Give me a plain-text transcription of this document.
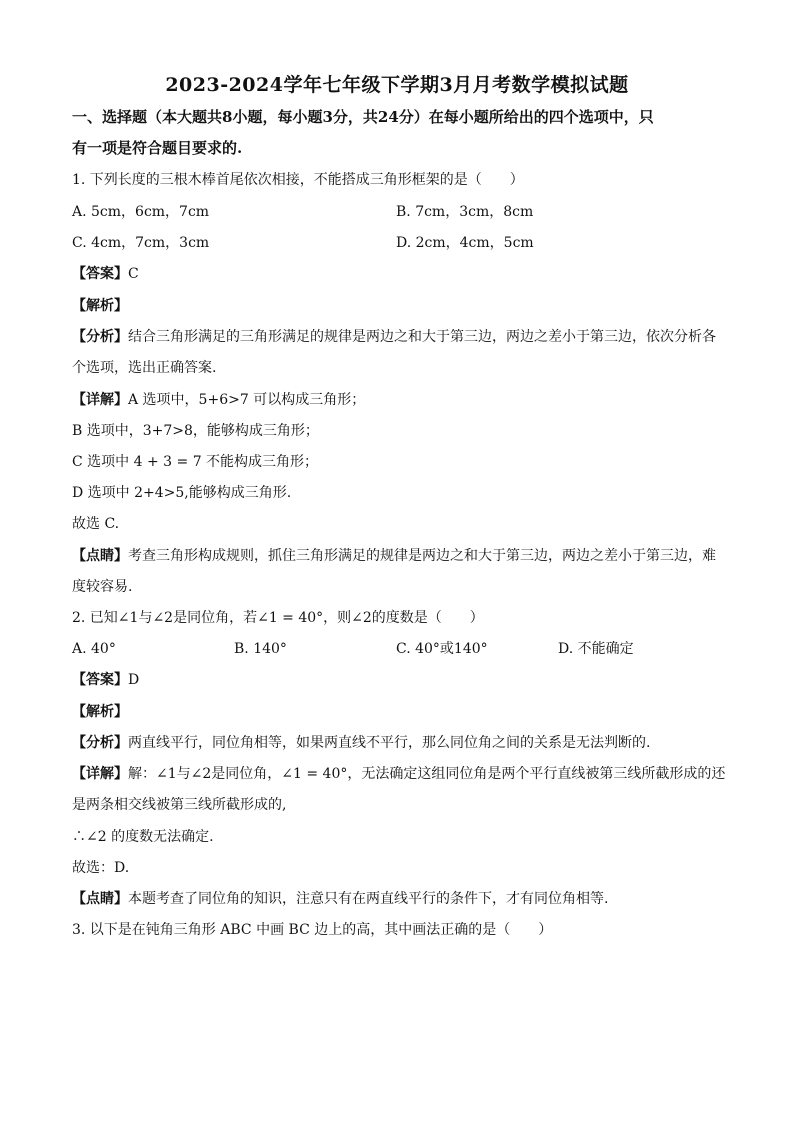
2023-2024学年七年级下学期3月月考数学模拟试题
一、选择题（本大题共8小题，每小题3分，共24分）在每小题所给出的四个选项中，只
有一项是符合题目要求的.
1. 下列长度的三根木棒首尾依次相接，不能搭成三角形框架的是（　　）
A. 5cm，6cm，7cm	B. 7cm，3cm，8cm
C. 4cm，7cm，3cm	D. 2cm，4cm，5cm
【答案】C
【解析】
【分析】结合三角形满足的三角形满足的规律是两边之和大于第三边，两边之差小于第三边，依次分析各
个选项，选出正确答案.
【详解】A 选项中，5+6>7 可以构成三角形；
B 选项中，3+7>8，能够构成三角形；
C 选项中 4 + 3 = 7 不能构成三角形；
D 选项中 2+4>5,能够构成三角形.
故选 C.
【点睛】考查三角形构成规则，抓住三角形满足的规律是两边之和大于第三边，两边之差小于第三边，难
度较容易.
2. 已知∠1与∠2是同位角，若∠1 = 40°，则∠2的度数是（　　）
A. 40°	B. 140°	C. 40°或140°	D. 不能确定
【答案】D
【解析】
【分析】两直线平行，同位角相等，如果两直线不平行，那么同位角之间的关系是无法判断的.
【详解】解：∠1与∠2是同位角，∠1 = 40°，无法确定这组同位角是两个平行直线被第三线所截形成的还
是两条相交线被第三线所截形成的,
∴∠2 的度数无法确定.
故选：D.
【点睛】本题考查了同位角的知识，注意只有在两直线平行的条件下，才有同位角相等.
3. 以下是在钝角三角形 ABC 中画 BC 边上的高，其中画法正确的是（　　）
